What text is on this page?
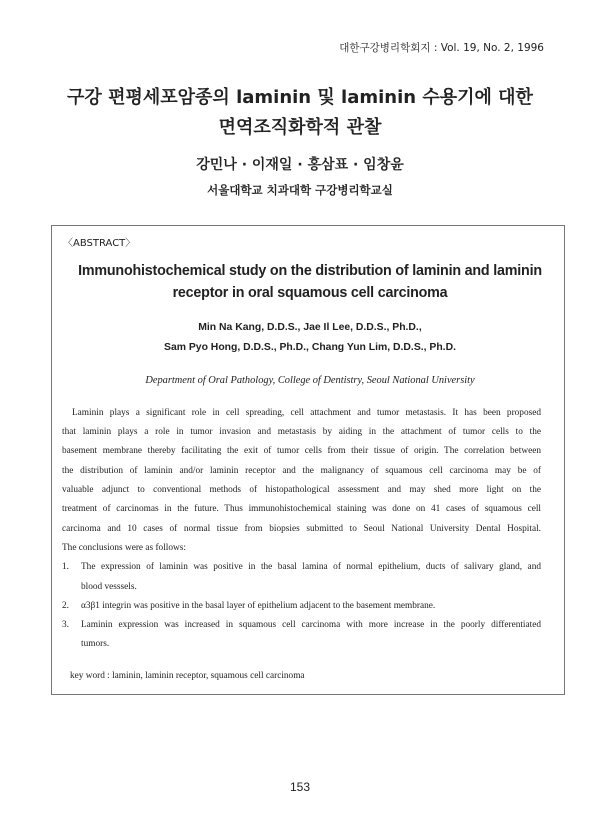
대한구강병리학회지 : Vol. 19, No. 2, 1996
구강 편평세포암종의 laminin 및 laminin 수용기에 대한
면역조직화학적 관찰
강민나 · 이재일 · 홍삼표 · 임창윤
서울대학교 치과대학 구강병리학교실
〈ABSTRACT〉
Immunohistochemical study on the distribution of laminin and laminin
receptor in oral squamous cell carcinoma
Min Na Kang, D.D.S., Jae Il Lee, D.D.S., Ph.D.,
Sam Pyo Hong, D.D.S., Ph.D., Chang Yun Lim, D.D.S., Ph.D.
Department of Oral Pathology, College of Dentistry, Seoul National University
Laminin plays a significant role in cell spreading, cell attachment and tumor metastasis. It has been proposed
that laminin plays a role in tumor invasion and metastasis by aiding in the attachment of tumor cells to the
basement membrane thereby facilitating the exit of tumor cells from their tissue of origin. The correlation between
the distribution of laminin and/or laminin receptor and the malignancy of squamous cell carcinoma may be of
valuable adjunct to conventional methods of histopathological assessment and may shed more light on the
treatment of carcinomas in the future. Thus immunohistochemical staining was done on 41 cases of squamous cell
carcinoma and 10 cases of normal tissue from biopsies submitted to Seoul National University Dental Hospital.
The conclusions were as follows:
1. The expression of laminin was positive in the basal lamina of normal epithelium, ducts of salivary gland, and
blood vesssels.
2. α3β1 integrin was positive in the basal layer of epithelium adjacent to the basement membrane.
3. Laminin expression was increased in squamous cell carcinoma with more increase in the poorly differentiated
tumors.
key word : laminin, laminin receptor, squamous cell carcinoma
153
